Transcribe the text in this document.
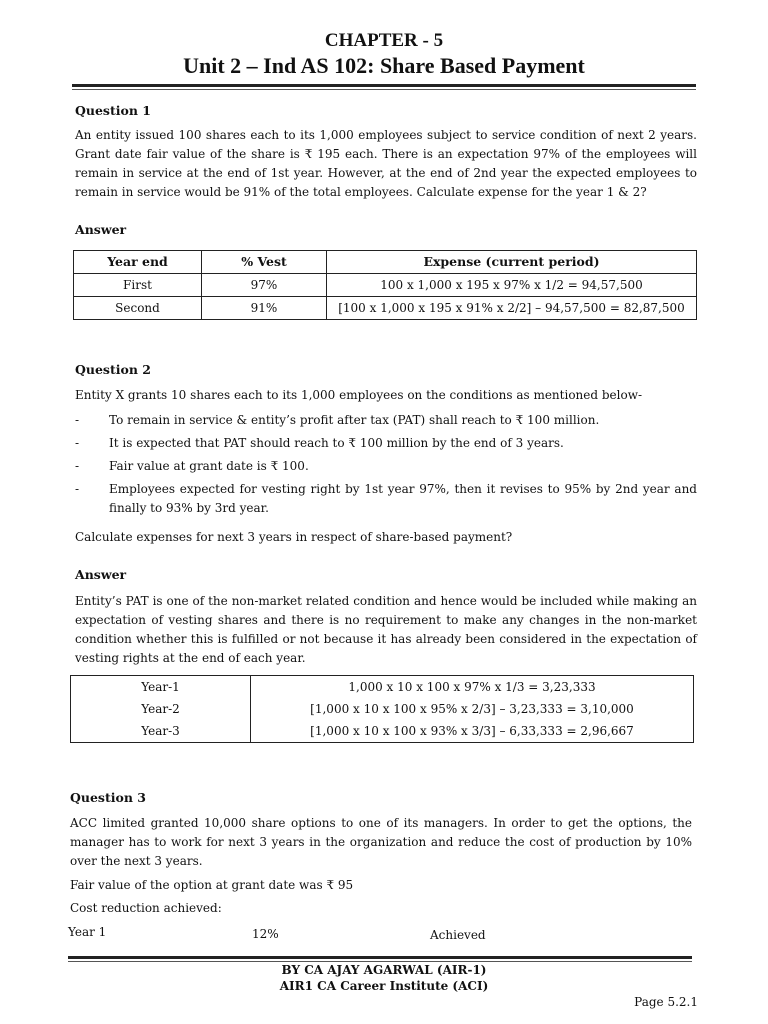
CHAPTER - 5
Unit 2 – Ind AS 102: Share Based Payment
Question 1

An entity issued 100 shares each to its 1,000 employees subject to service condition of next 2 years. Grant date fair value of the share is ₹ 195 each. There is an expectation 97% of the employees will remain in service at the end of 1st year. However, at the end of 2nd year the expected employees to remain in service would be 91% of the total employees. Calculate expense for the year 1 & 2?

Answer
Year end	% Vest	Expense (current period)
First	97%	100 x 1,000 x 195 x 97% x 1/2 = 94,57,500
Second	91%	[100 x 1,000 x 195 x 91% x 2/2] – 94,57,500 = 82,87,500
Question 2
Entity X grants 10 shares each to its 1,000 employees on the conditions as mentioned below-
- To remain in service & entity’s profit after tax (PAT) shall reach to ₹ 100 million.
- It is expected that PAT should reach to ₹ 100 million by the end of 3 years.
- Fair value at grant date is ₹ 100.
- Employees expected for vesting right by 1st year 97%, then it revises to 95% by 2nd year and finally to 93% by 3rd year.
Calculate expenses for next 3 years in respect of share-based payment?
Answer

Entity’s PAT is one of the non-market related condition and hence would be included while making an expectation of vesting shares and there is no requirement to make any changes in the non-market condition whether this is fulfilled or not because it has already been considered in the expectation of vesting rights at the end of each year.

Year-1	1,000 x 10 x 100 x 97% x 1/3 = 3,23,333
Year-2	[1,000 x 10 x 100 x 95% x 2/3] – 3,23,333 = 3,10,000
Year-3	[1,000 x 10 x 100 x 93% x 3/3] – 6,33,333 = 2,96,667
Question 3

ACC limited granted 10,000 share options to one of its managers. In order to get the options, the manager has to work for next 3 years in the organization and reduce the cost of production by 10% over the next 3 years.

Fair value of the option at grant date was ₹ 95
Cost reduction achieved:
Year 1	12%	Achieved
BY CA AJAY AGARWAL (AIR-1)
AIR1 CA Career Institute (ACI)
Page 5.2.1
